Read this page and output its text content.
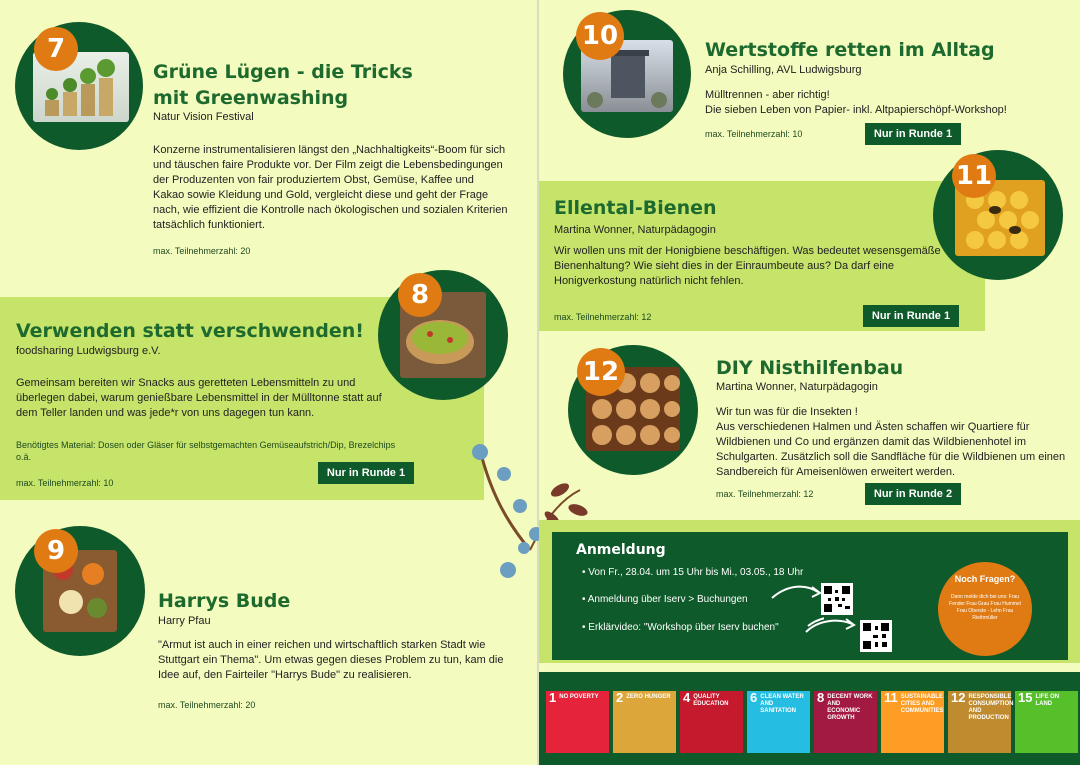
7
Grüne Lügen - die Tricks
mit Greenwashing
Natur Vision Festival
Konzerne instrumentalisieren längst den „Nachhaltigkeits“-Boom für sich und täuschen faire Produkte vor. Der Film zeigt die Lebensbedingungen der Produzenten von fair produziertem Obst, Gemüse, Kaffee und Kakao sowie Kleidung und Gold, vergleicht diese und geht der Frage nach, wie effizient die Kontrolle nach ökologischen und sozialen Kriterien tatsächlich funktioniert.
max. Teilnehmerzahl: 20
8
Verwenden statt verschwenden!
foodsharing Ludwigsburg e.V.
Gemeinsam bereiten wir Snacks aus geretteten Lebensmitteln zu und überlegen dabei, warum genießbare Lebensmittel in der Mülltonne statt auf dem Teller landen und was jede*r von uns dagegen tun kann.
Benötigtes Material: Dosen oder Gläser für selbstgemachten Gemüseaufstrich/Dip, Brezelchips o.ä.
max. Teilnehmerzahl: 10
Nur in Runde 1
9
Harrys Bude
Harry Pfau
"Armut ist auch in einer reichen und wirtschaftlich starken Stadt wie Stuttgart ein Thema". Um etwas gegen dieses Problem zu tun, kam die Idee auf, den Fairteiler "Harrys Bude" zu realisieren.
max. Teilnehmerzahl: 20
10	Wertstoffe retten im Alltag
Anja Schilling, AVL Ludwigsburg
Mülltrennen - aber richtig!
Die sieben Leben von Papier- inkl. Altpapierschöpf-Workshop!
max. Teilnehmerzahl: 10	Nur in Runde 1
11
Ellental-Bienen
Martina Wonner, Naturpädagogin
Wir wollen uns mit der Honigbiene beschäftigen. Was bedeutet wesensgemäße Bienenhaltung? Wie sieht dies in der Einraumbeute aus? Da darf eine Honigverkostung natürlich nicht fehlen.
max. Teilnehmerzahl: 12	Nur in Runde 1
12	DIY Nisthilfenbau
Martina Wonner, Naturpädagogin
Wir tun was für die Insekten !
Aus verschiedenen Halmen und Ästen schaffen wir Quartiere für Wildbienen und Co und ergänzen damit das Wildbienenhotel im Schulgarten. Zusätzlich soll die Sandfläche für die Wildbienen um einen Sandbereich für Ameisenlöwen erweitert werden.
max. Teilnehmerzahl: 12	Nur in Runde 2
Anmeldung
• Von Fr., 28.04. um 15 Uhr bis Mi., 03.05., 18 Uhr
• Anmeldung über Iserv > Buchungen
• Erklärvideo: "Workshop über Iserv buchen"
Noch Fragen?
Dann melde dich bei uns: Frau Fender Frau Grau Frau Hummel Frau Oberste - Lehn Frau Riethmüller
1 NO POVERTY 2 ZERO HUNGER 4 QUALITY EDUCATION	6 CLEAN WATER AND SANITATION
8 DECENT WORK AND ECONOMIC GROWTH
11 SUSTAINABLE CITIES AND COMMUNITIES
12 RESPONSIBLE CONSUMPTION AND PRODUCTION
15 LIFE ON LAND
